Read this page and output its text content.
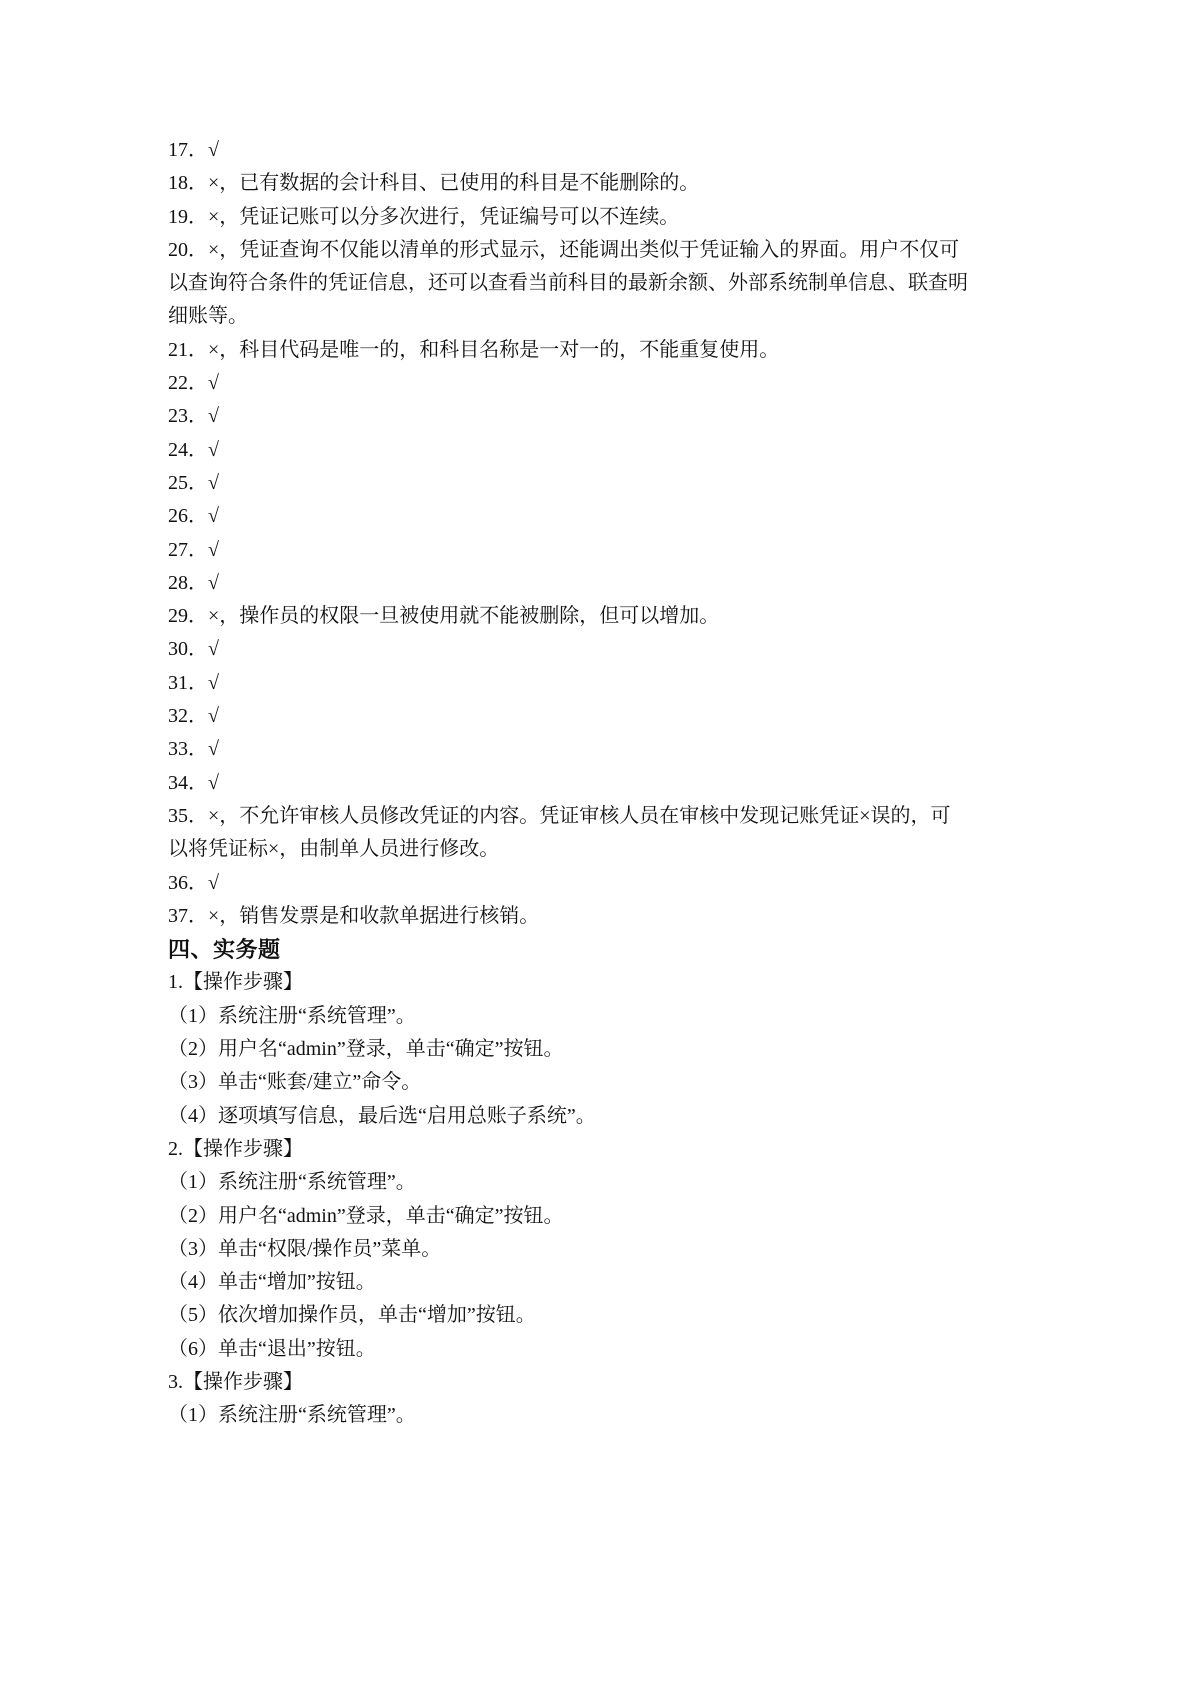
17．√
18．×，已有数据的会计科目、已使用的科目是不能删除的。
19．×，凭证记账可以分多次进行，凭证编号可以不连续。
20．×，凭证查询不仅能以清单的形式显示，还能调出类似于凭证输入的界面。用户不仅可
以查询符合条件的凭证信息，还可以查看当前科目的最新余额、外部系统制单信息、联查明
细账等。
21．×，科目代码是唯一的，和科目名称是一对一的，不能重复使用。
22．√
23．√
24．√
25．√
26．√
27．√
28．√
29．×，操作员的权限一旦被使用就不能被删除，但可以增加。
30．√
31．√
32．√
33．√
34．√
35．×，不允许审核人员修改凭证的内容。凭证审核人员在审核中发现记账凭证×误的，可
以将凭证标×，由制单人员进行修改。
36．√
37．×，销售发票是和收款单据进行核销。
四、实务题
1.【操作步骤】
（1）系统注册“系统管理”。
（2）用户名“admin”登录，单击“确定”按钮。
（3）单击“账套/建立”命令。
（4）逐项填写信息，最后选“启用总账子系统”。
2.【操作步骤】
（1）系统注册“系统管理”。
（2）用户名“admin”登录，单击“确定”按钮。
（3）单击“权限/操作员”菜单。
（4）单击“增加”按钮。
（5）依次增加操作员，单击“增加”按钮。
（6）单击“退出”按钮。
3.【操作步骤】
（1）系统注册“系统管理”。
